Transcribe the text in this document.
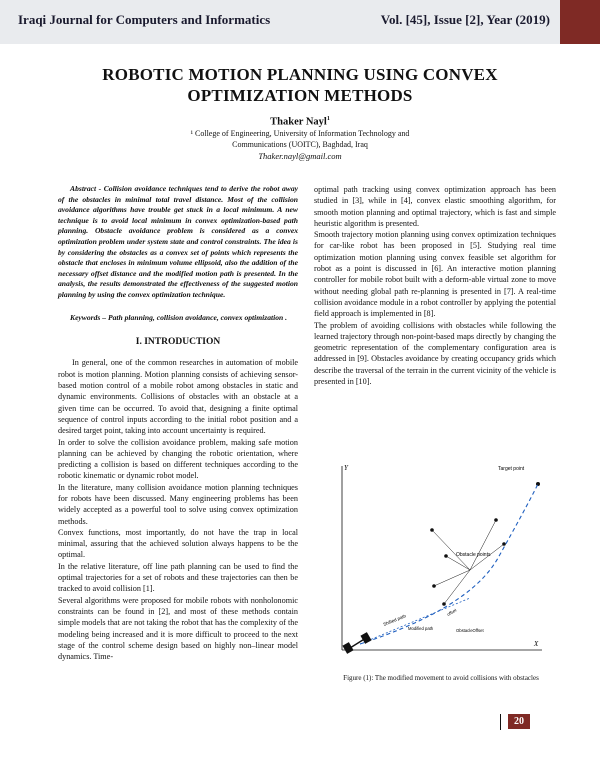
Iraqi Journal for Computers and Informatics	Vol. [45], Issue [2], Year (2019)
ROBOTIC MOTION PLANNING USING CONVEX OPTIMIZATION METHODS
Thaker Nayl$^1$
¹ College of Engineering, University of Information Technology and
Communications (UOITC), Baghdad, Iraq
Thaker.nayl@gmail.com

Abstract - Collision avoidance techniques tend to derive the robot away of the obstacles in minimal total travel distance. Most of the collision avoidance algorithms have trouble get stuck in a local minimum. A new technique is to avoid local minimum in convex optimization-based path planning. Obstacle avoidance problem is considered as a convex optimization problem under system state and control constraints. The idea is by considering the obstacles as a convex set of points which represents the obstacle that encloses in minimum volume ellipsoid, also the addition of the necessary offset distance and the modified motion path is presented. In the analysis, the results demonstrated the effectiveness of the suggested motion planning by using the convex optimization technique.

Keywords – Path planning, collision avoidance, convex optimization .

I. INTRODUCTION

In general, one of the common researches in automation of mobile robot is motion planning. Motion planning consists of achieving sensor-based motion control of a mobile robot among obstacles in static and dynamic environments. Collisions of obstacles with an obstacle at a given time can be occurred. To avoid that, designing a finite optimal sequence of control inputs according to the initial robot position and a desired target point, taking into account uncertainty is required.

In order to solve the collision avoidance problem, making safe motion planning can be achieved by changing the robotic orientation, where predicting a collision is based on different techniques according to the robotic kinematic or dynamic robot model.

In the literature, many collision avoidance motion planning techniques for robots have been discussed. Many engineering problems has been widely accepted as a powerful tool to solve using convex optimization methods.

Convex functions, most importantly, do not have the trap in local minimal, assuring that the achieved solution always happens to be the optimal.

In the relative literature, off line path planning can be used to find the optimal trajectories for a set of robots and these trajectories can then be tracked to avoid collision [1].

Several algorithms were proposed for mobile robots with nonholonomic constraints can be found in [2], and most of these methods contain simple models that are not taking the robot that has the complexity of the modeling being increased and it is more difficult to proceed to the next stage of the control scheme design based on highly non–linear model dynamics. Time-

optimal path tracking using convex optimization approach has been studied in [3], while in [4], convex elastic smoothing algorithm, for smooth motion planning and optimal trajectory, which is fast and simple heuristic algorithm is presented.

Smooth trajectory motion planning using convex optimization techniques for car-like robot has been proposed in [5]. Studying real time optimization motion planning using convex feasible set algorithm for robot as a point is discussed in [6]. An interactive motion planning controller for mobile robot built with a deform-able virtual zone to move without needing global path re-planning is presented in [7]. A real-time collision avoidance module in a robot controller by applying the potential field approach is implemented in [8].

The problem of avoiding collisions with obstacles while following the learned trajectory through non-point-based maps directly by changing the geometric representation of the complementary configuration area is addressed in [9]. Obstacles avoidance by creating occupancy grids which describe the traversal of the terrain in the current vicinity of the vehicle is presented in [10].

Y
X
Target point
Obstacle points
Shifted path
Modified path
offset
ObstacleOffset
Figure (1): The modified movement to avoid collisions with obstacles
20
